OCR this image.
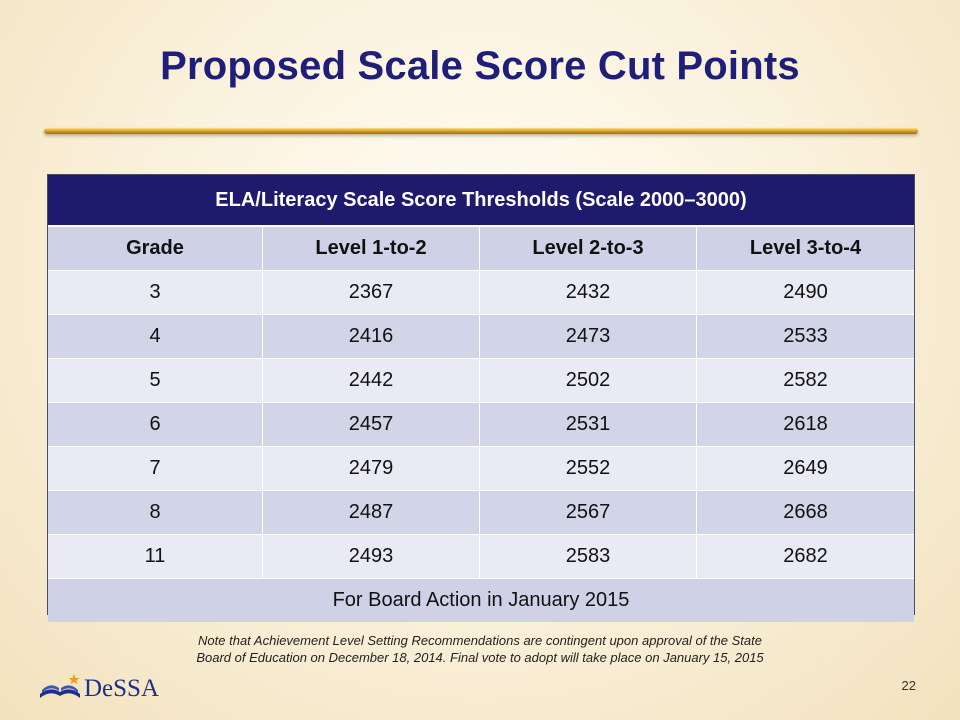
Proposed Scale Score Cut Points
ELA/Literacy Scale Score Thresholds (Scale 2000–3000)
Grade	Level 1-to-2	Level 2-to-3	Level 3-to-4
3	2367	2432	2490
4	2416	2473	2533
5	2442	2502	2582
6	2457	2531	2618
7	2479	2552	2649
8	2487	2567	2668
11	2493	2583	2682
For Board Action in January 2015
Note that Achievement Level Setting Recommendations are contingent upon approval of the State
Board of Education on December 18, 2014. Final vote to adopt will take place on January 15, 2015
DeSSA	22
